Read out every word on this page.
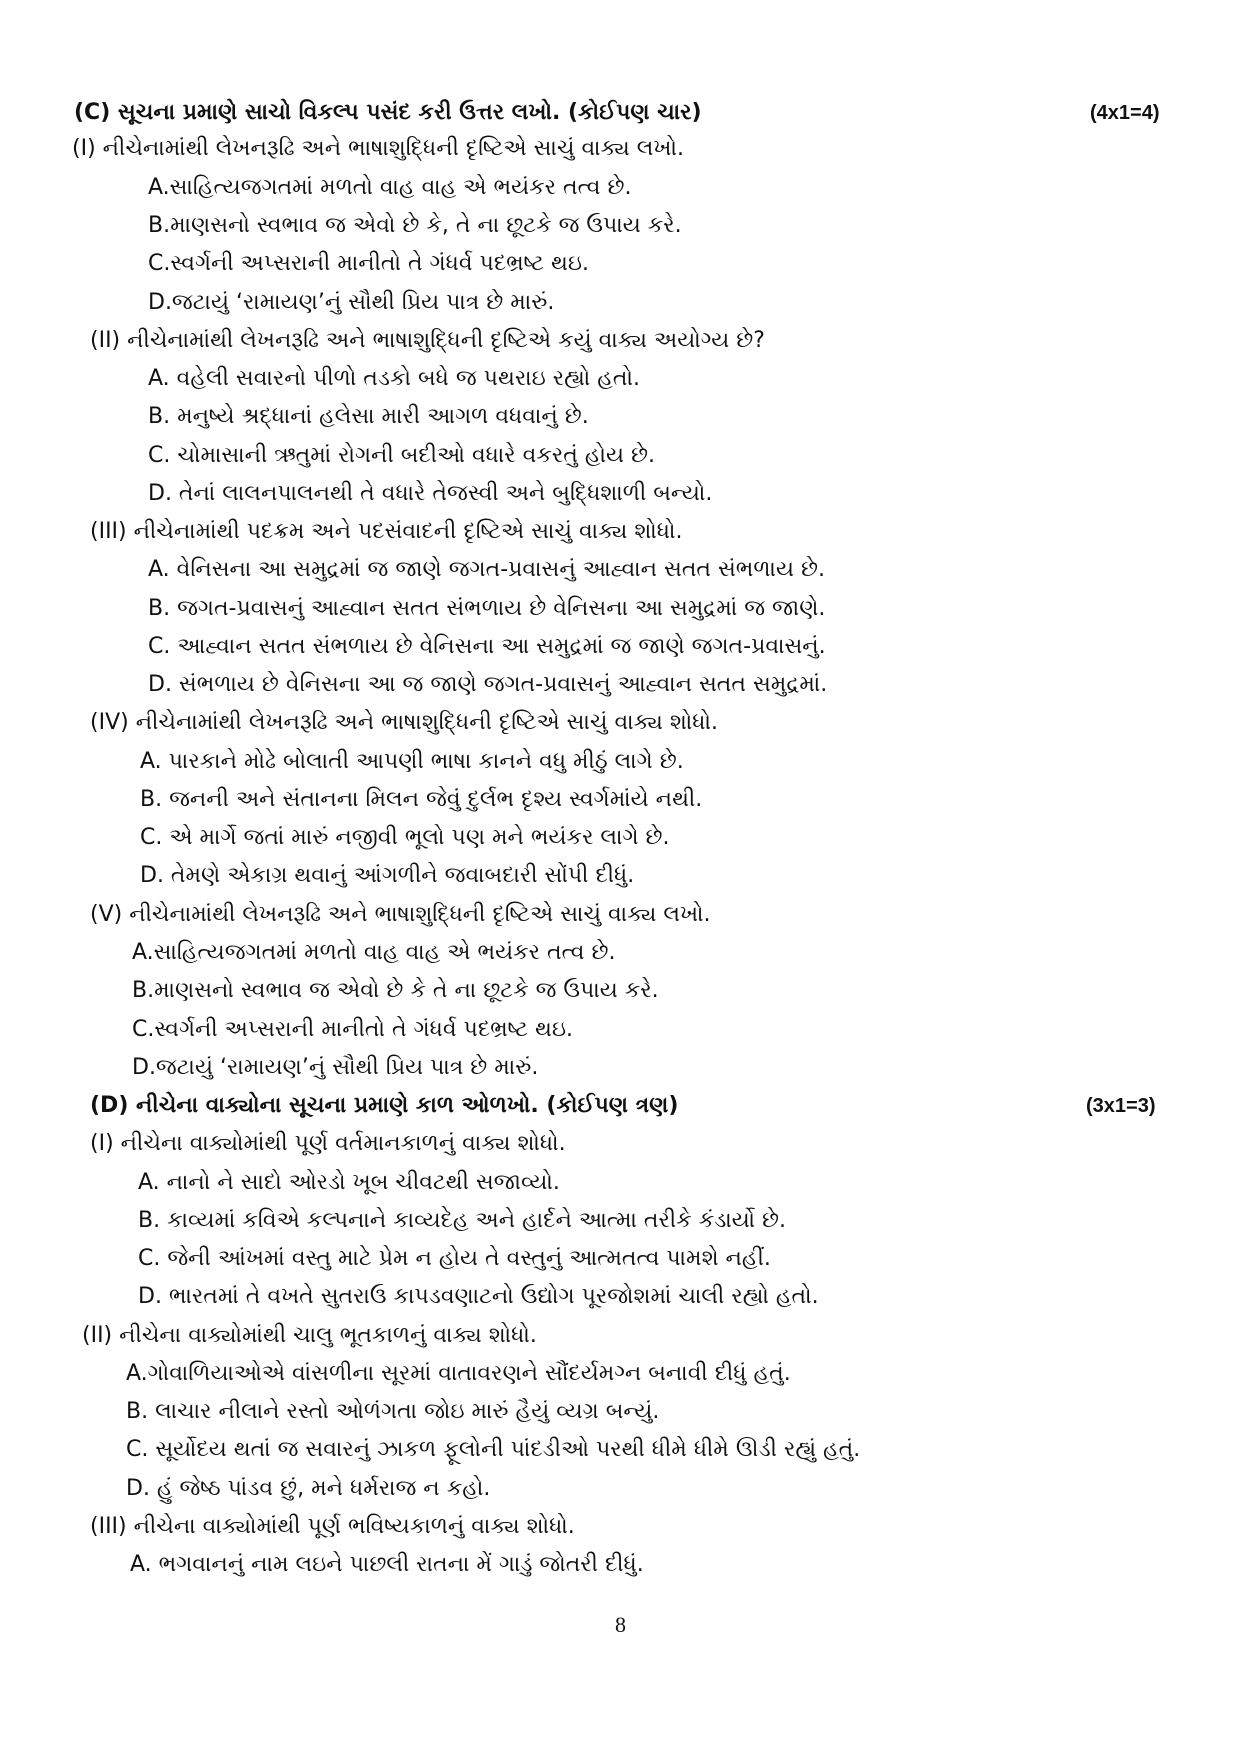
(C) સૂચના પ્રમાણે સાચો વિકલ્પ પસંદ કરી ઉત્તર લખો. (કોઈપણ ચાર)	(4x1=4)
(I) નીચેનામાંથી લેખનરૂઢિ અને ભાષાશુદ્ધિની દૃષ્ટિએ સાચું વાક્ય લખો.
A.સાહિત્યજગતમાં મળતો વાહ વાહ એ ભયંકર તત્વ છે.
B.માણસનો સ્વભાવ જ એવો છે કે, તે ના છૂટકે જ ઉપાય કરે.
C.સ્વર્ગની અપ્સરાની માનીતો તે ગંધર્વ પદભ્રષ્ટ થઇ.
D.જટાયું ‘રામાયણ’નું સૌથી પ્રિય પાત્ર છે મારું.
(II) નીચેનામાંથી લેખનરૂઢિ અને ભાષાશુદ્ધિની દૃષ્ટિએ કયું વાક્ય અયોગ્ય છે?
A. વહેલી સવારનો પીળો તડકો બધે જ પથરાઇ રહ્યો હતો.
B. મનુષ્યે શ્રદ્ધાનાં હલેસા મારી આગળ વધવાનું છે.
C. ચોમાસાની ઋતુમાં રોગની બદીઓ વધારે વકરતું હોય છે.
D. તેનાં લાલનપાલનથી તે વધારે તેજસ્વી અને બુદ્ધિશાળી બન્યો.
(III) નીચેનામાંથી પદક્રમ અને પદસંવાદની દૃષ્ટિએ સાચું વાક્ય શોધો.
A. વેનિસના આ સમુદ્રમાં જ જાણે જગત-પ્રવાસનું આહ્વાન સતત સંભળાય છે.
B. જગત-પ્રવાસનું આહ્વાન સતત સંભળાય છે વેનિસના આ સમુદ્રમાં જ જાણે.
C. આહ્વાન સતત સંભળાય છે વેનિસના આ સમુદ્રમાં જ જાણે જગત-પ્રવાસનું.
D. સંભળાય છે વેનિસના આ જ જાણે જગત-પ્રવાસનું આહ્વાન સતત સમુદ્રમાં.
(IV) નીચેનામાંથી લેખનરૂઢિ અને ભાષાશુદ્ધિની દૃષ્ટિએ સાચું વાક્ય શોધો.
A. પારકાને મોઢે બોલાતી આપણી ભાષા કાનને વધુ મીઠું લાગે છે.
B. જનની અને સંતાનના મિલન જેવું દુર્લભ દૃશ્ય સ્વર્ગમાંયે નથી.
C. એ માર્ગે જતાં મારું નજીવી ભૂલો પણ મને ભયંકર લાગે છે.
D. તેમણે એકાગ્ર થવાનું આંગળીને જવાબદારી સોંપી દીધું.
(V) નીચેનામાંથી લેખનરૂઢિ અને ભાષાશુદ્ધિની દૃષ્ટિએ સાચું વાક્ય લખો.
A.સાહિત્યજગતમાં મળતો વાહ વાહ એ ભયંકર તત્વ છે.
B.માણસનો સ્વભાવ જ એવો છે કે તે ના છૂટકે જ ઉપાય કરે.
C.સ્વર્ગની અપ્સરાની માનીતો તે ગંધર્વ પદભ્રષ્ટ થઇ.
D.જટાયું ‘રામાયણ’નું સૌથી પ્રિય પાત્ર છે મારું.
(D) નીચેના વાક્યોના સૂચના પ્રમાણે કાળ ઓળખો. (કોઈપણ ત્રણ)	(3x1=3)
(I) નીચેના વાક્યોમાંથી પૂર્ણ વર્તમાનકાળનું વાક્ય શોધો.
A. નાનો ને સાદો ઓરડો ખૂબ ચીવટથી સજાવ્યો.
B. કાવ્યમાં કવિએ કલ્પનાને કાવ્યદેહ અને હાર્દને આત્મા તરીકે કંડાર્યો છે.
C. જેની આંખમાં વસ્તુ માટે પ્રેમ ન હોય તે વસ્તુનું આત્મતત્વ પામશે નહીં.
D. ભારતમાં તે વખતે સુતરાઉ કાપડવણાટનો ઉદ્યોગ પૂરજોશમાં ચાલી રહ્યો હતો.
(II) નીચેના વાક્યોમાંથી ચાલુ ભૂતકાળનું વાક્ય શોધો.
A.ગોવાળિયાઓએ વાંસળીના સૂરમાં વાતાવરણને સૌંદર્યમગ્ન બનાવી દીધું હતું.
B. લાચાર નીલાને રસ્તો ઓળંગતા જોઇ મારું હૈયું વ્યગ્ર બન્યું.
C. સૂર્યોદય થતાં જ સવારનું ઝાકળ ફૂલોની પાંદડીઓ પરથી ધીમે ધીમે ઊડી રહ્યું હતું.
D. હું જેષ્ઠ પાંડવ છું, મને ધર્મરાજ ન કહો.
(III) નીચેના વાક્યોમાંથી પૂર્ણ ભવિષ્યકાળનું વાક્ય શોધો.
A. ભગવાનનું નામ લઇને પાછલી રાતના મેં ગાડું જોતરી દીધું.
8
